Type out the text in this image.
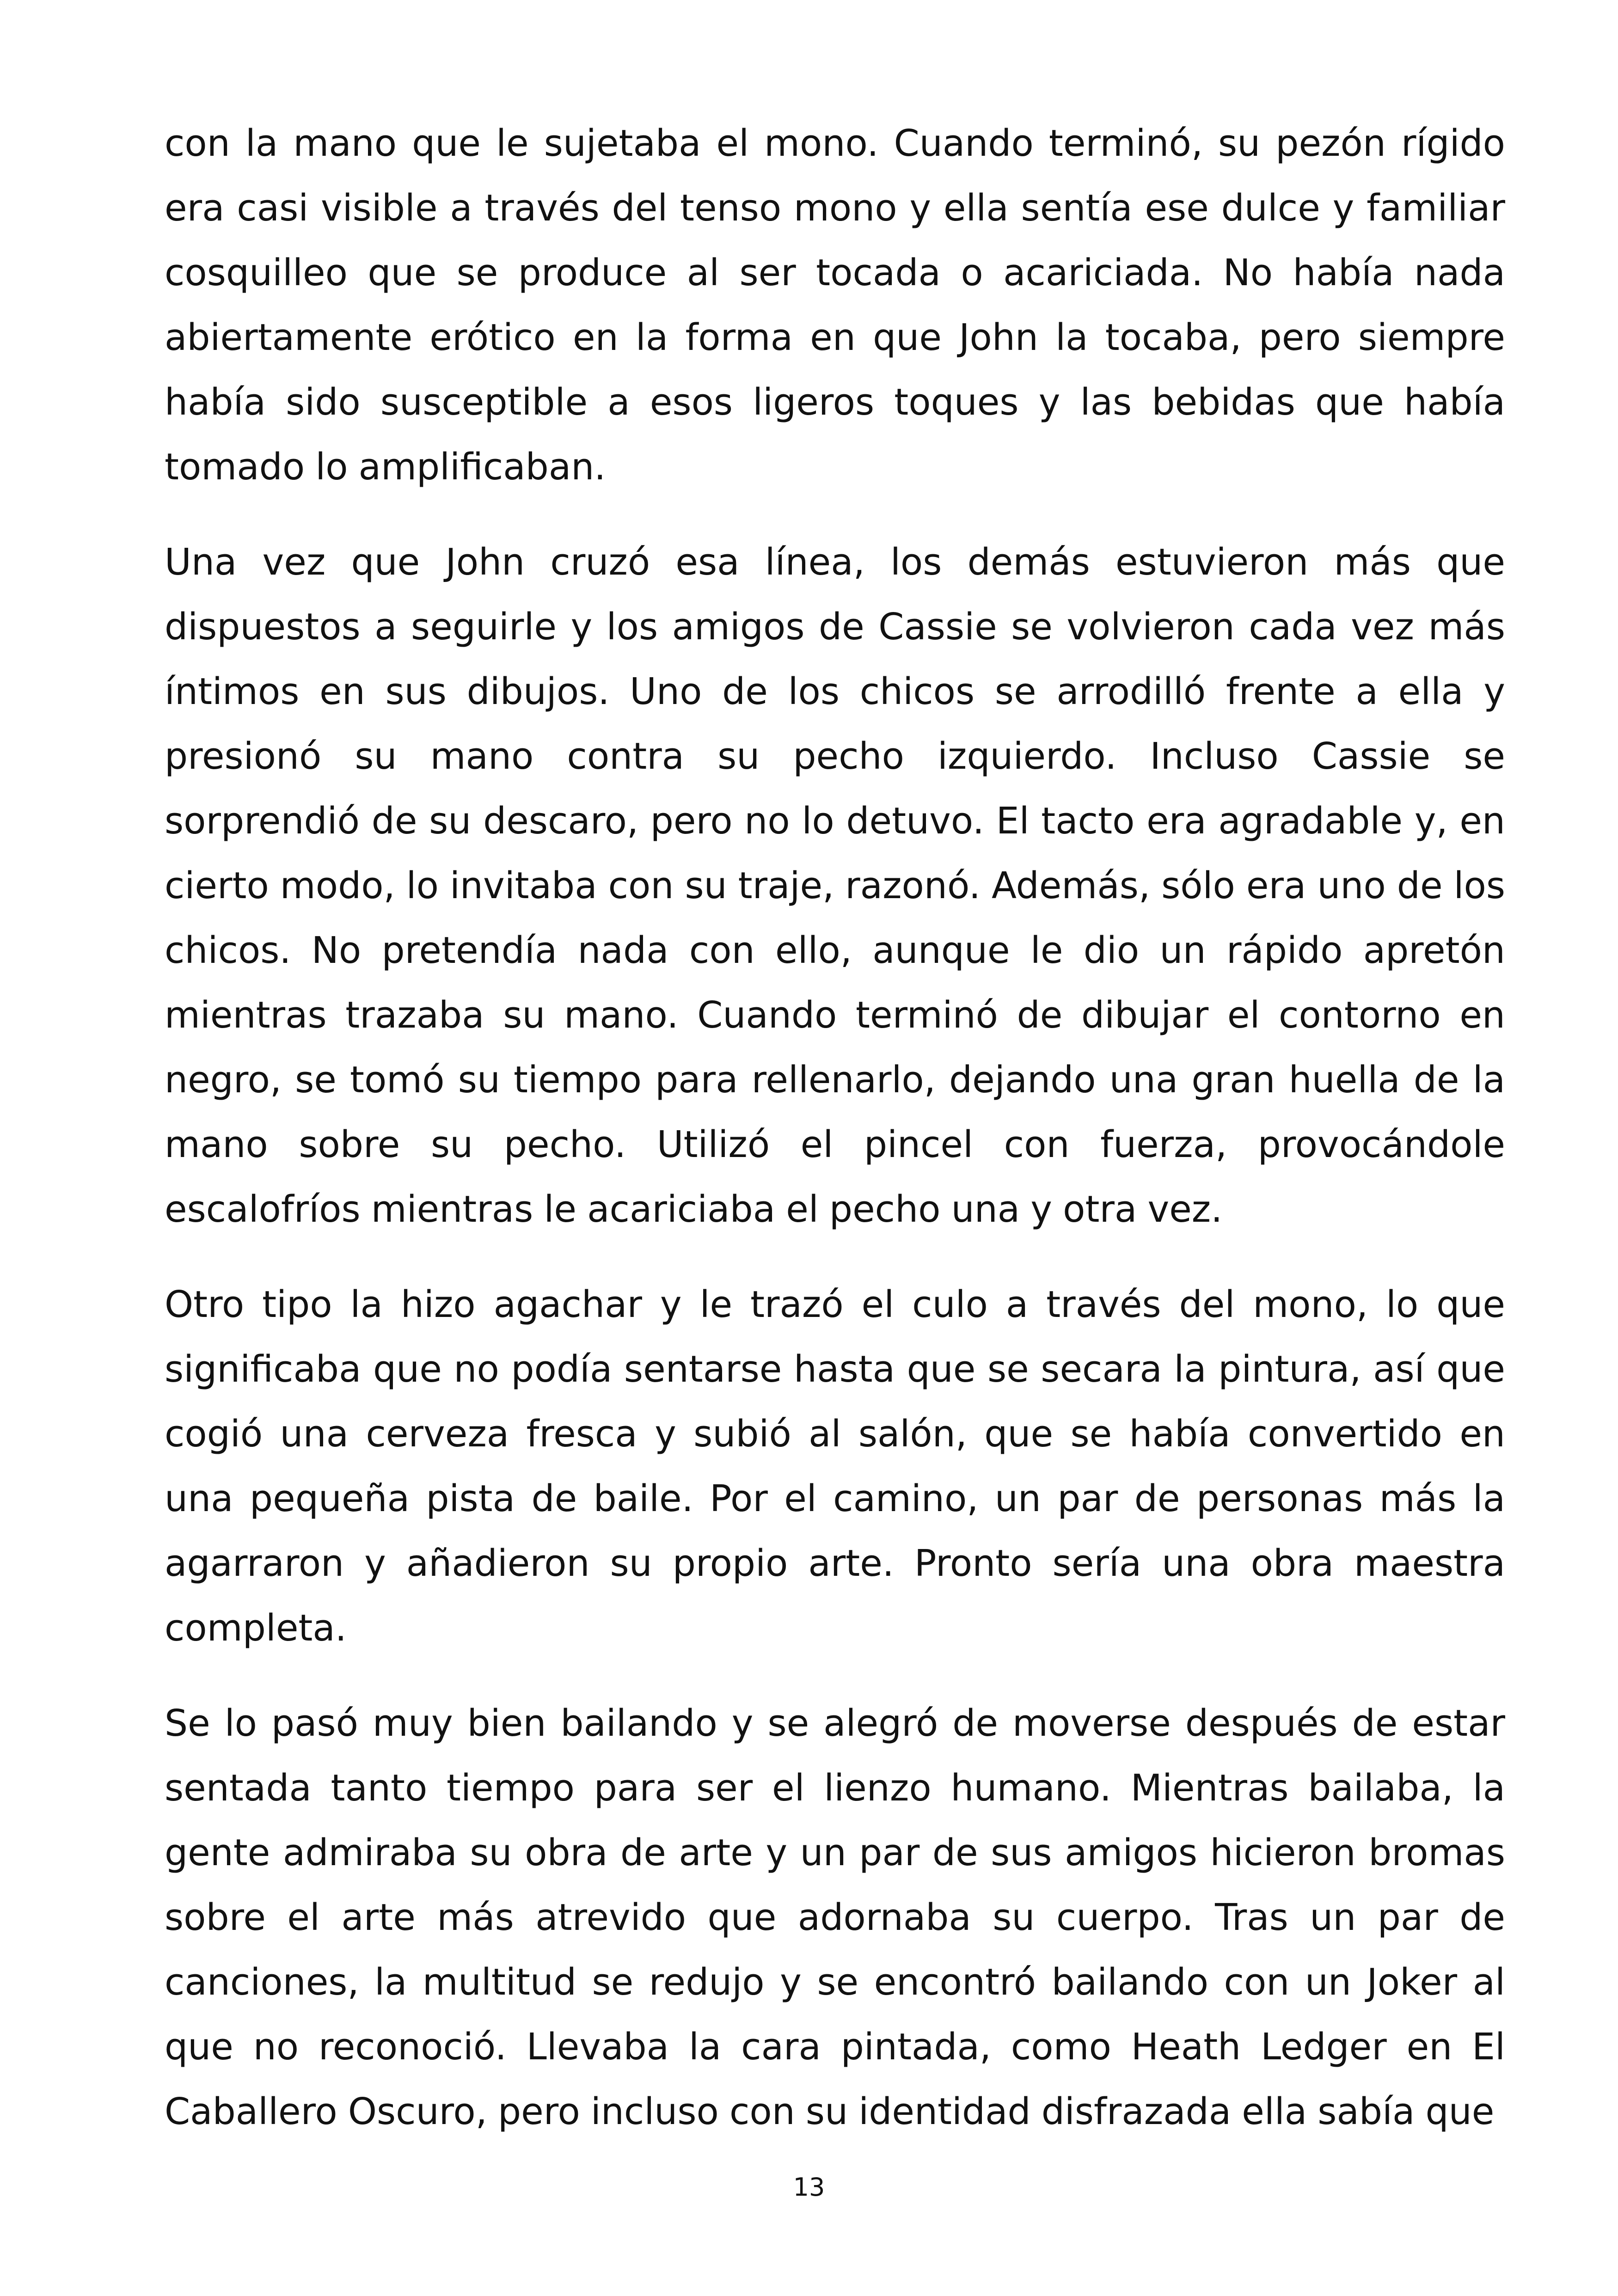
con la mano que le sujetaba el mono. Cuando terminó, su pezón rígido era casi visible a través del tenso mono y ella sentía ese dulce y familiar cosquilleo que se produce al ser tocada o acariciada. No había nada abiertamente erótico en la forma en que John la tocaba, pero siempre había sido susceptible a esos ligeros toques y las bebidas que había tomado lo amplificaban.

Una vez que John cruzó esa línea, los demás estuvieron más que dispuestos a seguirle y los amigos de Cassie se volvieron cada vez más íntimos en sus dibujos. Uno de los chicos se arrodilló frente a ella y presionó su mano contra su pecho izquierdo. Incluso Cassie se sorprendió de su descaro, pero no lo detuvo. El tacto era agradable y, en cierto modo, lo invitaba con su traje, razonó. Además, sólo era uno de los chicos. No pretendía nada con ello, aunque le dio un rápido apretón mientras trazaba su mano. Cuando terminó de dibujar el contorno en negro, se tomó su tiempo para rellenarlo, dejando una gran huella de la mano sobre su pecho. Utilizó el pincel con fuerza, provocándole escalofríos mientras le acariciaba el pecho una y otra vez.

Otro tipo la hizo agachar y le trazó el culo a través del mono, lo que significaba que no podía sentarse hasta que se secara la pintura, así que cogió una cerveza fresca y subió al salón, que se había convertido en una pequeña pista de baile. Por el camino, un par de personas más la agarraron y añadieron su propio arte. Pronto sería una obra maestra completa.

Se lo pasó muy bien bailando y se alegró de moverse después de estar sentada tanto tiempo para ser el lienzo humano. Mientras bailaba, la gente admiraba su obra de arte y un par de sus amigos hicieron bromas sobre el arte más atrevido que adornaba su cuerpo. Tras un par de canciones, la multitud se redujo y se encontró bailando con un Joker al que no reconoció. Llevaba la cara pintada, como Heath Ledger en El Caballero Oscuro, pero incluso con su identidad disfrazada ella sabía que

13
